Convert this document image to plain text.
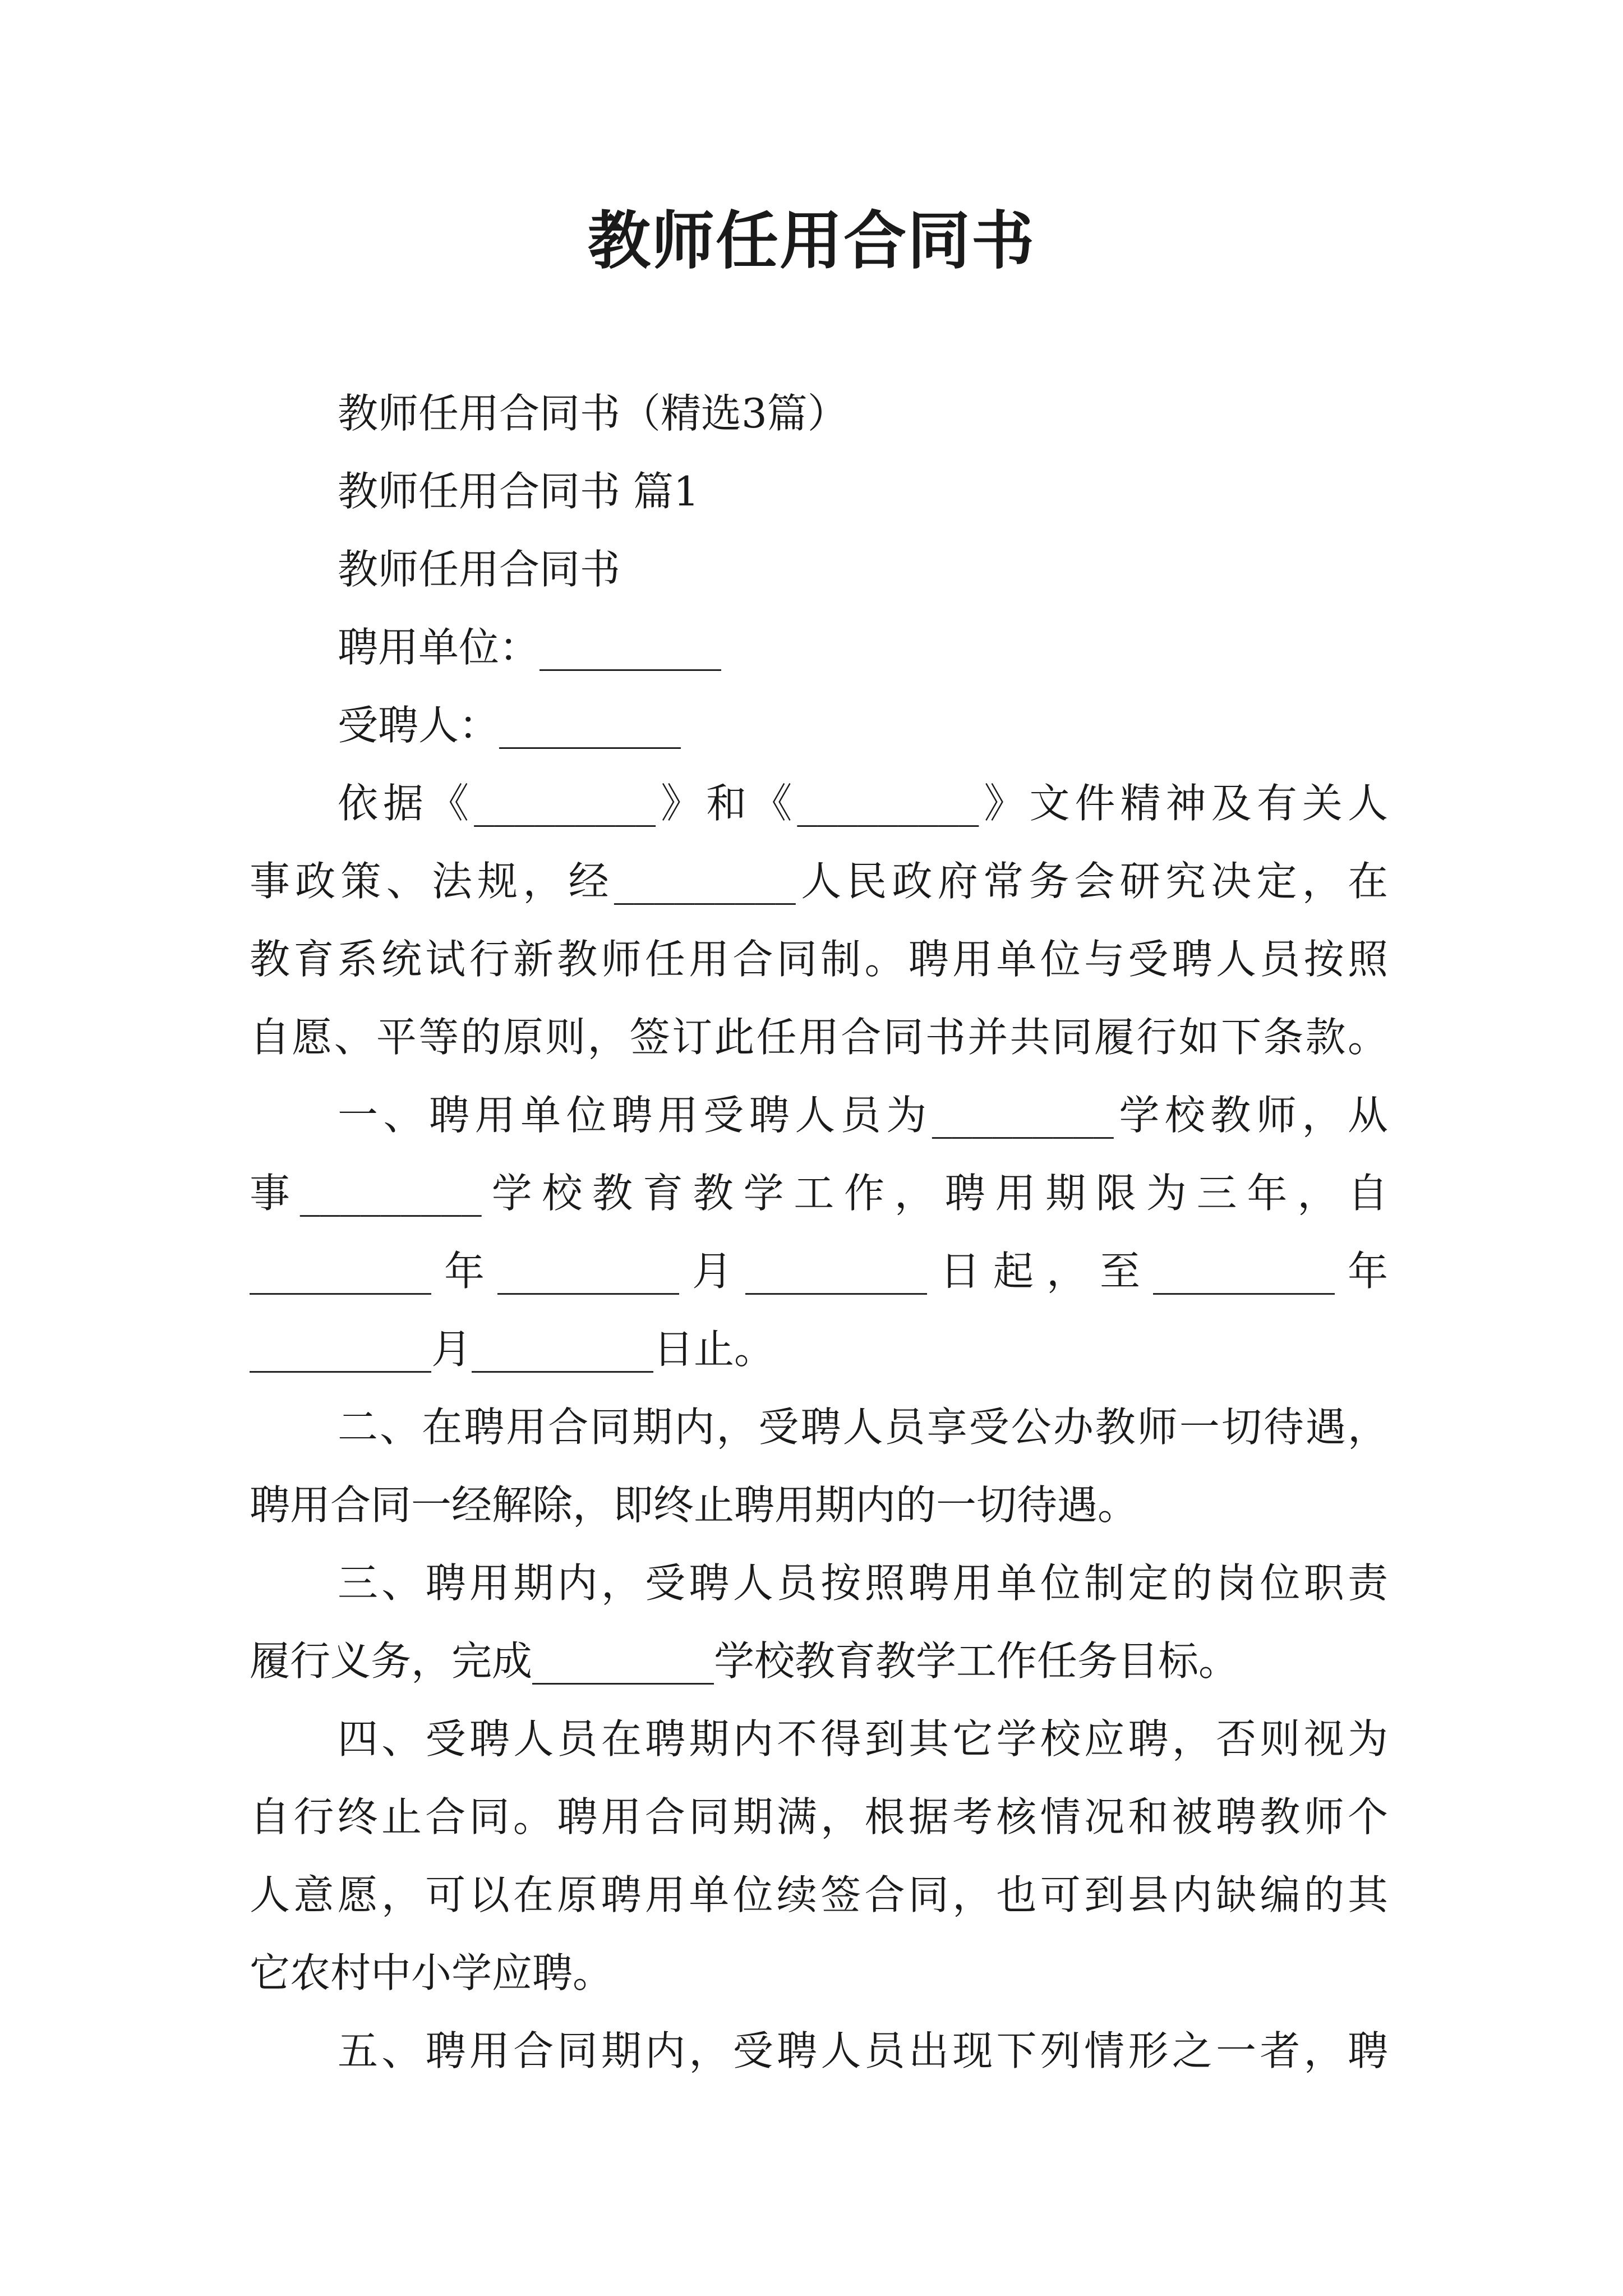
教师任用合同书
教师任用合同书（精选3篇）
教师任用合同书 篇1
教师任用合同书
聘用单位：_________
受聘人：_________
依据《_________》和《_________》文件精神及有关人
事政策、法规，经_________人民政府常务会研究决定，在
教育系统试行新教师任用合同制。聘用单位与受聘人员按照
自愿、平等的原则，签订此任用合同书并共同履行如下条款。
一、聘用单位聘用受聘人员为_________学校教师，从
事_________学校教育教学工作，聘用期限为三年，自
_________年_________月_________日起，至_________年
_________月_________日止。
二、在聘用合同期内，受聘人员享受公办教师一切待遇，
聘用合同一经解除，即终止聘用期内的一切待遇。
三、聘用期内，受聘人员按照聘用单位制定的岗位职责
履行义务，完成_________学校教育教学工作任务目标。
四、受聘人员在聘期内不得到其它学校应聘，否则视为
自行终止合同。聘用合同期满，根据考核情况和被聘教师个
人意愿，可以在原聘用单位续签合同，也可到县内缺编的其
它农村中小学应聘。
五、聘用合同期内，受聘人员出现下列情形之一者，聘
